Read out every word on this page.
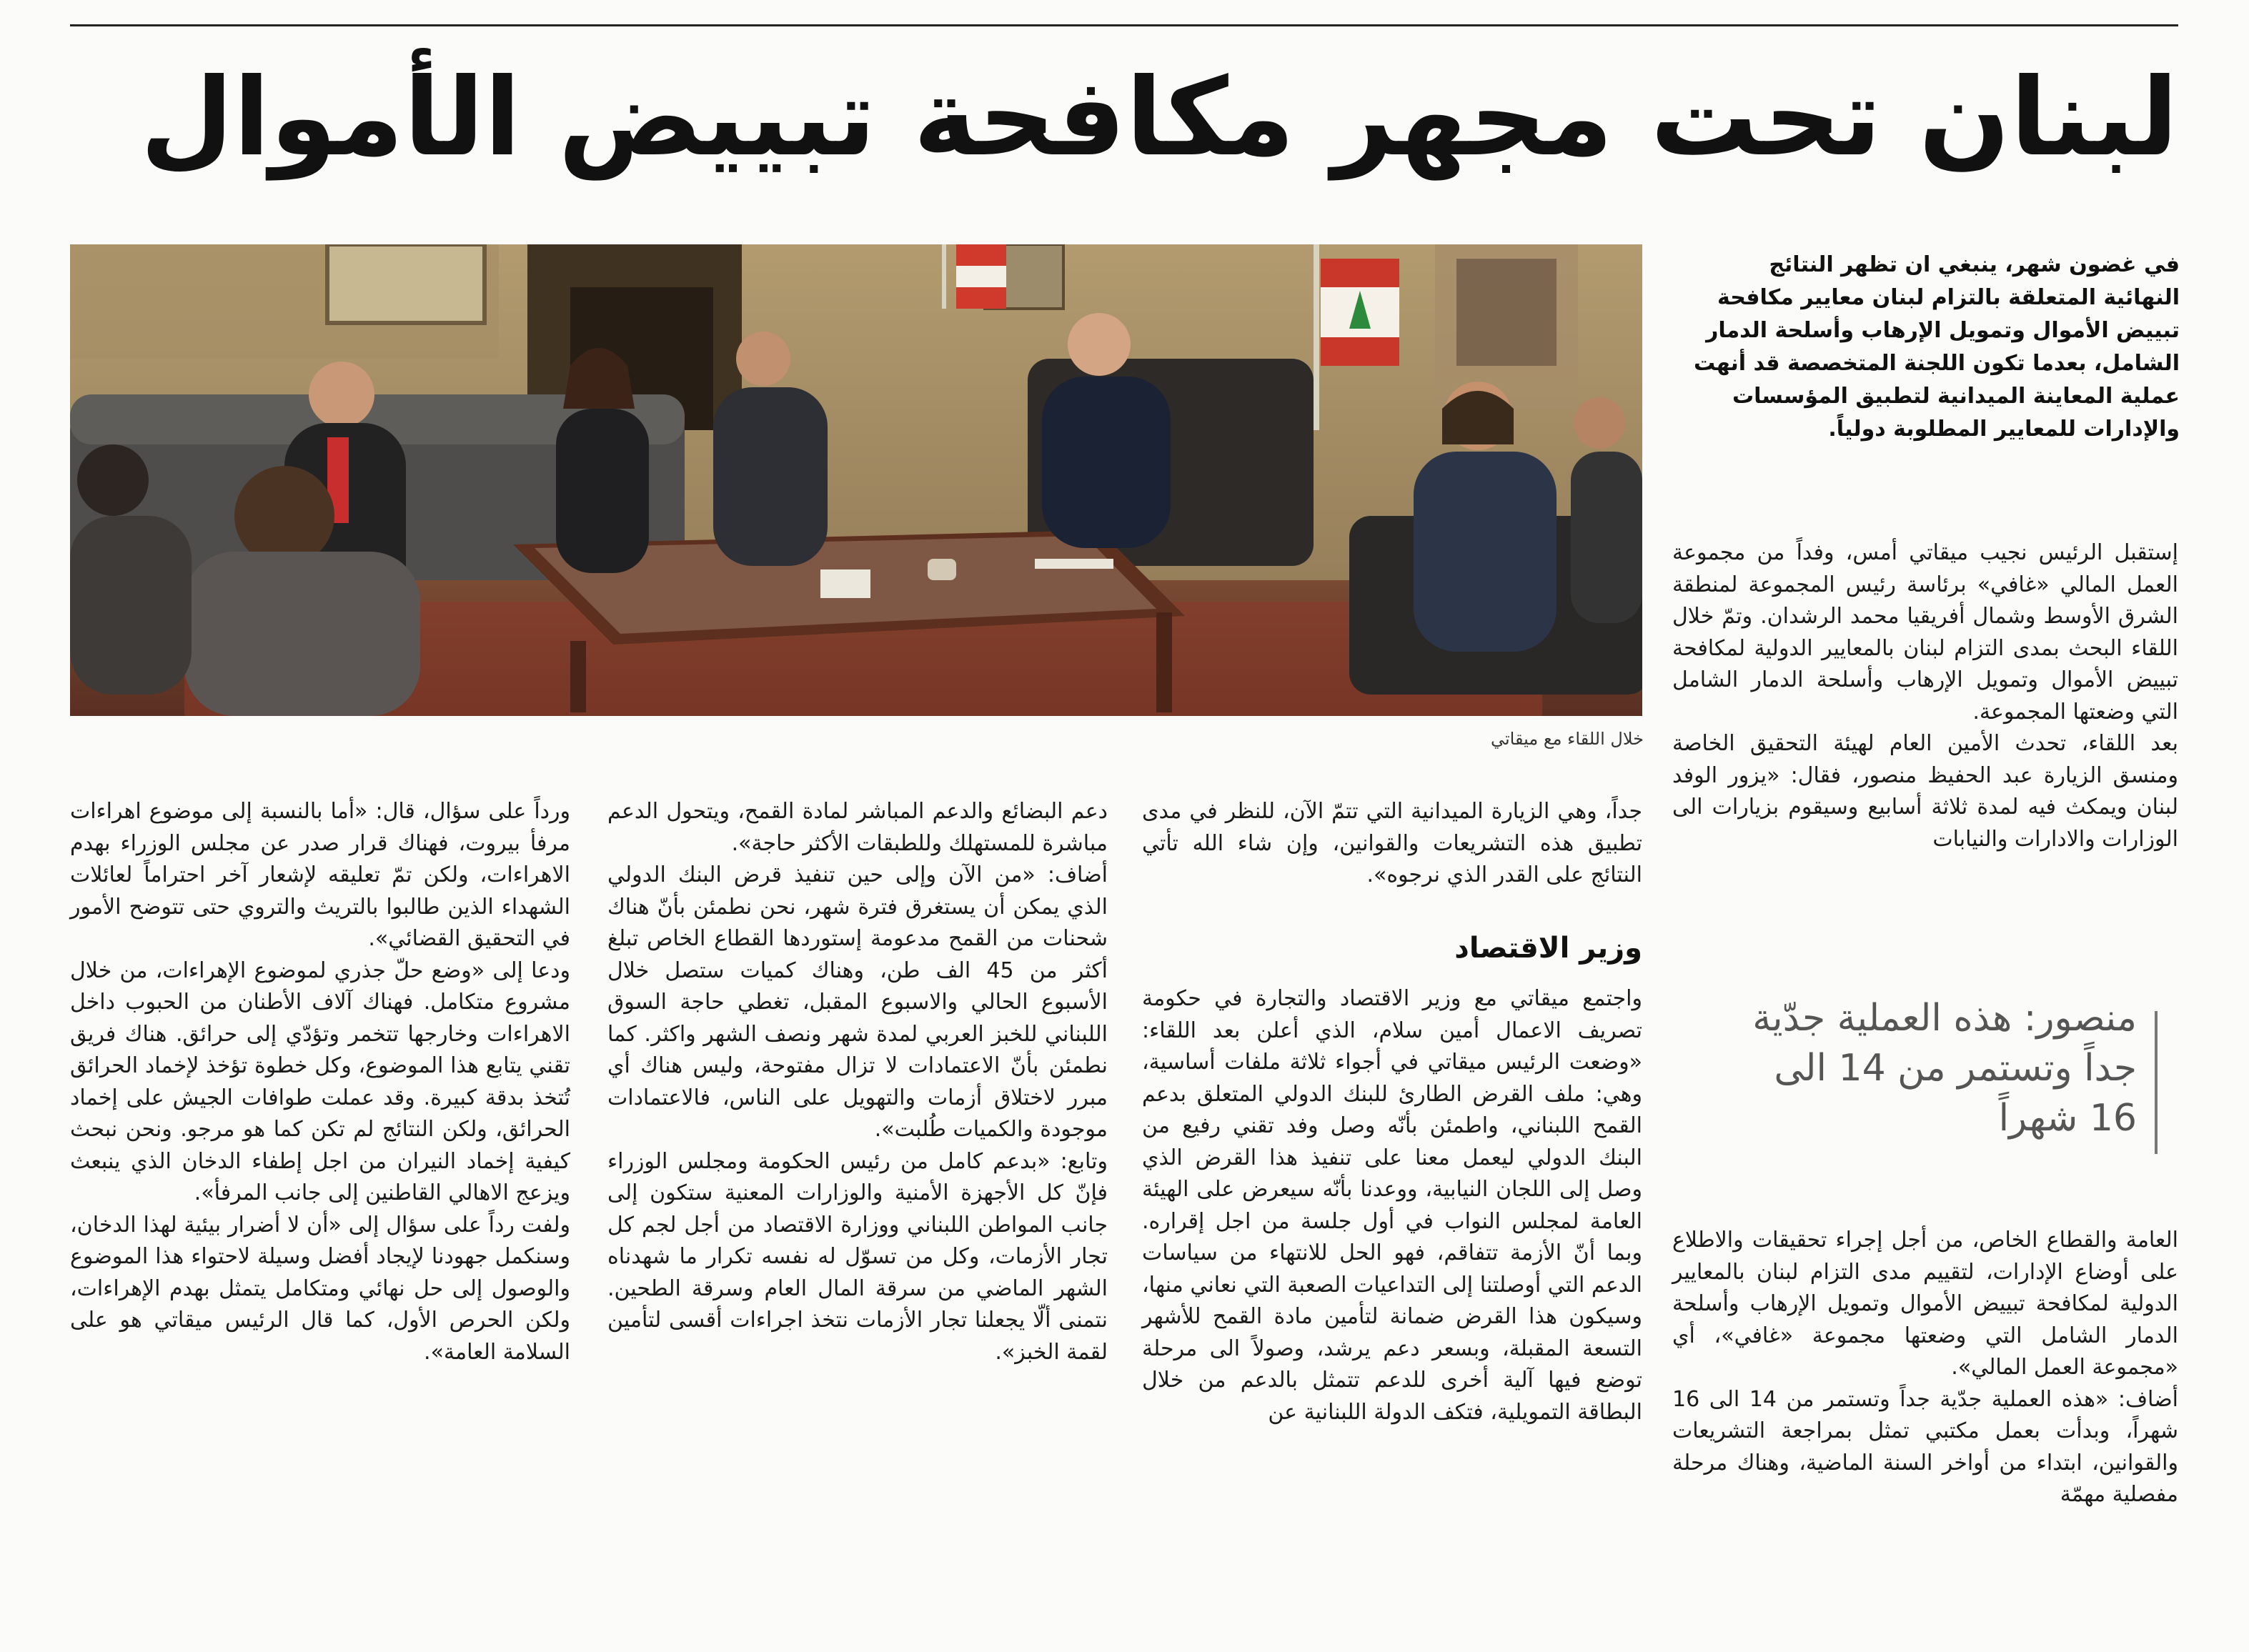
لبنان تحت مجهر مكافحة تبييض الأموال
خلال اللقاء مع ميقاتي
في غضون شهر، ينبغي ان تظهر النتائج النهائية المتعلقة بالتزام لبنان معايير مكافحة تبييض الأموال وتمويل الإرهاب وأسلحة الدمار الشامل، بعدما تكون اللجنة المتخصصة قد أنهت عملية المعاينة الميدانية لتطبيق المؤسسات والإدارات للمعايير المطلوبة دولياً.

إستقبل الرئيس نجيب ميقاتي أمس، وفداً من مجموعة العمل المالي «غافي» برئاسة رئيس المجموعة لمنطقة الشرق الأوسط وشمال أفريقيا محمد الرشدان. وتمّ خلال اللقاء البحث بمدى التزام لبنان بالمعايير الدولية لمكافحة تبييض الأموال وتمويل الإرهاب وأسلحة الدمار الشامل التي وضعتها المجموعة.

بعد اللقاء، تحدث الأمين العام لهيئة التحقيق الخاصة ومنسق الزيارة عبد الحفيظ منصور، فقال: «يزور الوفد لبنان ويمكث فيه لمدة ثلاثة أسابيع وسيقوم بزيارات الى الوزارات والادارات والنيابات

منصور: هذه العملية جدّية جداً وتستمر من 14 الى 16 شهراً

العامة والقطاع الخاص، من أجل إجراء تحقيقات والاطلاع على أوضاع الإدارات، لتقييم مدى التزام لبنان بالمعايير الدولية لمكافحة تبييض الأموال وتمويل الإرهاب وأسلحة الدمار الشامل التي وضعتها مجموعة «غافي»، أي «مجموعة العمل المالي».

أضاف: «هذه العملية جدّية جداً وتستمر من 14 الى 16 شهراً، وبدأت بعمل مكتبي تمثل بمراجعة التشريعات والقوانين، ابتداء من أواخر السنة الماضية، وهناك مرحلة مفصلية مهمّة

جداً، وهي الزيارة الميدانية التي تتمّ الآن، للنظر في مدى تطبيق هذه التشريعات والقوانين، وإن شاء الله تأتي النتائج على القدر الذي نرجوه».

وزير الاقتصاد

واجتمع ميقاتي مع وزير الاقتصاد والتجارة في حكومة تصريف الاعمال أمين سلام، الذي أعلن بعد اللقاء: «وضعت الرئيس ميقاتي في أجواء ثلاثة ملفات أساسية، وهي: ملف القرض الطارئ للبنك الدولي المتعلق بدعم القمح اللبناني، واطمئن بأنّه وصل وفد تقني رفيع من البنك الدولي ليعمل معنا على تنفيذ هذا القرض الذي وصل إلى اللجان النيابية، ووعدنا بأنّه سيعرض على الهيئة العامة لمجلس النواب في أول جلسة من اجل إقراره. وبما أنّ الأزمة تتفاقم، فهو الحل للانتهاء من سياسات الدعم التي أوصلتنا إلى التداعيات الصعبة التي نعاني منها، وسيكون هذا القرض ضمانة لتأمين مادة القمح للأشهر التسعة المقبلة، وبسعر دعم يرشد، وصولاً الى مرحلة توضع فيها آلية أخرى للدعم تتمثل بالدعم من خلال البطاقة التمويلية، فتكف الدولة اللبنانية عن

دعم البضائع والدعم المباشر لمادة القمح، ويتحول الدعم مباشرة للمستهلك وللطبقات الأكثر حاجة».

أضاف: «من الآن وإلى حين تنفيذ قرض البنك الدولي الذي يمكن أن يستغرق فترة شهر، نحن نطمئن بأنّ هناك شحنات من القمح مدعومة إستوردها القطاع الخاص تبلغ أكثر من 45 الف طن، وهناك كميات ستصل خلال الأسبوع الحالي والاسبوع المقبل، تغطي حاجة السوق اللبناني للخبز العربي لمدة شهر ونصف الشهر واكثر. كما نطمئن بأنّ الاعتمادات لا تزال مفتوحة، وليس هناك أي مبرر لاختلاق أزمات والتهويل على الناس، فالاعتمادات موجودة والكميات طُلبت».

وتابع: «بدعم كامل من رئيس الحكومة ومجلس الوزراء فإنّ كل الأجهزة الأمنية والوزارات المعنية ستكون إلى جانب المواطن اللبناني ووزارة الاقتصاد من أجل لجم كل تجار الأزمات، وكل من تسوّل له نفسه تكرار ما شهدناه الشهر الماضي من سرقة المال العام وسرقة الطحين. نتمنى ألّا يجعلنا تجار الأزمات نتخذ اجراءات أقسى لتأمين لقمة الخبز».

ورداً على سؤال، قال: «أما بالنسبة إلى موضوع اهراءات مرفأ بيروت، فهناك قرار صدر عن مجلس الوزراء بهدم الاهراءات، ولكن تمّ تعليقه لإشعار آخر احتراماً لعائلات الشهداء الذين طالبوا بالتريث والتروي حتى تتوضح الأمور في التحقيق القضائي».

ودعا إلى «وضع حلّ جذري لموضوع الإهراءات، من خلال مشروع متكامل. فهناك آلاف الأطنان من الحبوب داخل الاهراءات وخارجها تتخمر وتؤدّي إلى حرائق. هناك فريق تقني يتابع هذا الموضوع، وكل خطوة تؤخذ لإخماد الحرائق تُتخذ بدقة كبيرة. وقد عملت طوافات الجيش على إخماد الحرائق، ولكن النتائج لم تكن كما هو مرجو. ونحن نبحث كيفية إخماد النيران من اجل إطفاء الدخان الذي ينبعث ويزعج الاهالي القاطنين إلى جانب المرفأ».

ولفت رداً على سؤال إلى «أن لا أضرار بيئية لهذا الدخان، وسنكمل جهودنا لإيجاد أفضل وسيلة لاحتواء هذا الموضوع والوصول إلى حل نهائي ومتكامل يتمثل بهدم الإهراءات، ولكن الحرص الأول، كما قال الرئيس ميقاتي هو على السلامة العامة».
